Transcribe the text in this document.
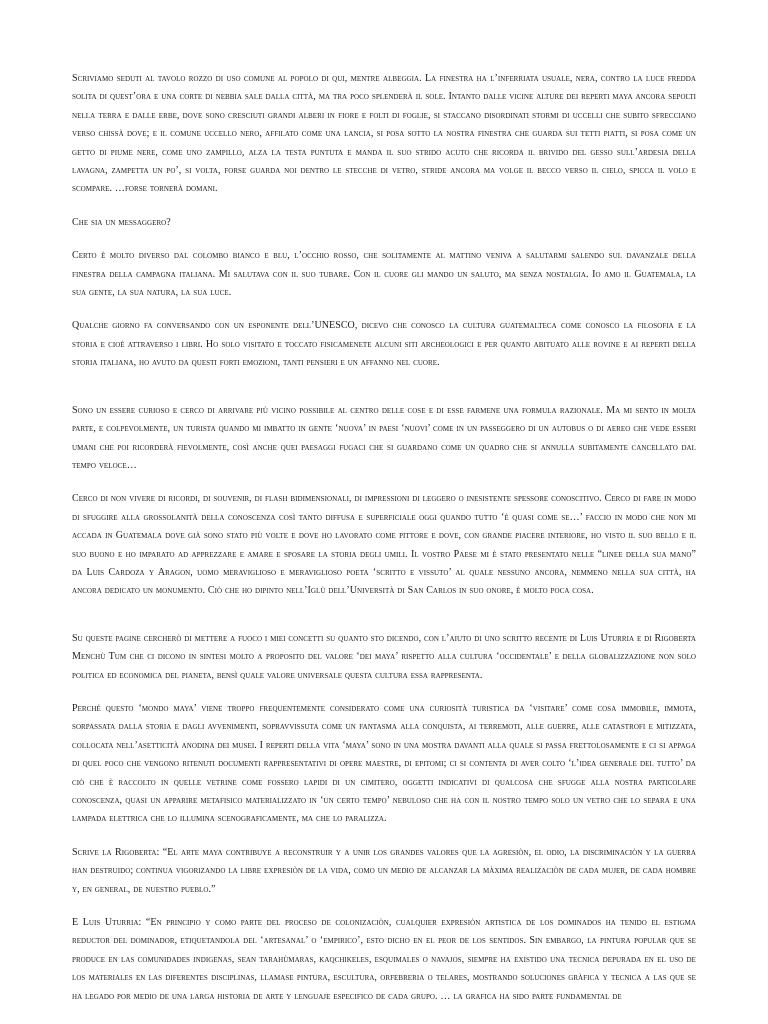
Scriviamo seduti al tavolo rozzo di uso comune al popolo di qui, mentre albeggia. La finestra ha l’inferriata usuale, nera, contro la luce fredda solita di quest’ora e una corte di nebbia sale dalla città, ma tra poco splenderà il sole. Intanto dalle vicine alture dei reperti maya ancora sepolti nella terra e dalle erbe, dove sono cresciuti grandi alberi in fiore e folti di foglie, si staccano disordinati stormi di uccelli che subito sfrecciano verso chissà dove; e il comune uccello nero, affilato come una lancia, si posa sotto la nostra finestra che guarda sui tetti piatti, si posa come un getto di piume nere, come uno zampillo, alza la testa puntuta e manda il suo strido acuto che ricorda il brivido del gesso sull’ardesia della lavagna, zampetta un po’, si volta, forse guarda noi dentro le stecche di vetro, stride ancora ma volge il becco verso il cielo, spicca il volo e scompare. …forse tornerà domani.

Che sia un messaggero?

Certo è molto diverso dal colombo bianco e blu, l’occhio rosso, che solitamente al mattino veniva a salutarmi salendo sul davanzale della finestra della campagna italiana. Mi salutava con il suo tubare. Con il cuore gli mando un saluto, ma senza nostalgia. Io amo il Guatemala, la sua gente, la sua natura, la sua luce.

Qualche giorno fa conversando con un esponente dell’UNESCO, dicevo che conosco la cultura guatemalteca come conosco la filosofia e la storia e cioè attraverso i libri. Ho solo visitato e toccato fisicamenete alcuni siti archeologici e per quanto abituato alle rovine e ai reperti della storia italiana, ho avuto da questi forti emozioni, tanti pensieri e un affanno nel cuore.

Sono un essere curioso e cerco di arrivare più vicino possibile al centro delle cose e di esse farmene una formula razionale. Ma mi sento in molta parte, e colpevolmente, un turista quando mi imbatto in gente ‘nuova’ in paesi ‘nuovi’ come in un passeggero di un autobus o di aereo che vede esseri umani che poi ricorderà fievolmente, così anche quei paesaggi fugaci che si guardano come un quadro che si annulla subitamente cancellato dal tempo veloce…

Cerco di non vivere di ricordi, di souvenir, di flash bidimensionali, di impressioni di leggero o inesistente spessore conoscitivo. Cerco di fare in modo di sfuggire alla grossolanità della conoscenza così tanto diffusa e superficiale oggi quando tutto ‘è quasi come se…’ faccio in modo che non mi accada in Guatemala dove già sono stato più volte e dove ho lavorato come pittore e dove, con grande piacere interiore, ho visto il suo bello e il suo buono e ho imparato ad apprezzare e amare e sposare la storia degli umili. Il vostro Paese mi è stato presentato nelle “linee della sua mano” da Luis Cardoza y Aragon, uomo meraviglioso e meraviglioso poeta ‘scritto e vissuto’ al quale nessuno ancora, nemmeno nella sua città, ha ancora dedicato un monumento. Ciò che ho dipinto nell’Iglù dell’Università di San Carlos in suo onore, è molto poca cosa.

Su queste pagine cercherò di mettere a fuoco i miei concetti su quanto sto dicendo, con l’aiuto di uno scritto recente di Luis Uturria e di Rigoberta Menchù Tum che ci dicono in sintesi molto a proposito del valore ‘dei maya’ rispetto alla cultura ‘occidentale’ e della globalizzazione non solo politica ed economica del pianeta, bensì quale valore universale questa cultura essa rappresenta.

Perché questo ‘mondo maya’ viene troppo frequentemente considerato come una curiosità turistica da ‘visitare’ come cosa immobile, immota, sorpassata dalla storia e dagli avvenimenti, sopravvissuta come un fantasma alla conquista, ai terremoti, alle guerre, alle catastrofi e mitizzata, collocata nell’asetticità anodina dei musei. I reperti della vita ‘maya’ sono in una mostra davanti alla quale si passa frettolosamente e ci si appaga di quel poco che vengono ritenuti documenti rappresentativi di opere maestre, di epitomi; ci si contenta di aver colto ‘l’idea generale del tutto’ da ciò che è raccolto in quelle vetrine come fossero lapidi di un cimitero, oggetti indicativi di qualcosa che sfugge alla nostra particolare conoscenza, quasi un apparire metafisico materializzato in ‘un certo tempo’ nebuloso che ha con il nostro tempo solo un vetro che lo separa e una lampada elettrica che lo illumina scenograficamente, ma che lo paralizza.

Scrive la Rigoberta: “El arte maya contribuye a reconstruir y a unir los grandes valores que la agresiòn, el odio, la discriminaciòn y la guerra han destruido; continua vigorizando la libre expresiòn de la vida, como un medio de alcanzar la màxima realizaciòn de cada mujer, de cada hombre y, en general, de nuestro pueblo.”

E Luis Uturria: “En principio y como parte del proceso de colonizaciòn, cualquier expresiòn artistica de los dominados ha tenido el estigma reductor del dominador, etiquetandola del ‘artesanal’ o ‘empirico’, esto dicho en el peor de los sentidos. Sin embargo, la pintura popular que se produce en las comunidades indigenas, sean tarahùmaras, kaqchikeles, esquimales o navajos, siempre ha existido una tecnica depurada en el uso de los materiales en las diferentes disciplinas, llamase pintura, escultura, orfebreria o telares, mostrando soluciones gràfica y tecnica a las que se ha legado por medio de una larga historia de arte y lenguaje especifico de cada grupo. … la grafica ha sido parte fundamental de
